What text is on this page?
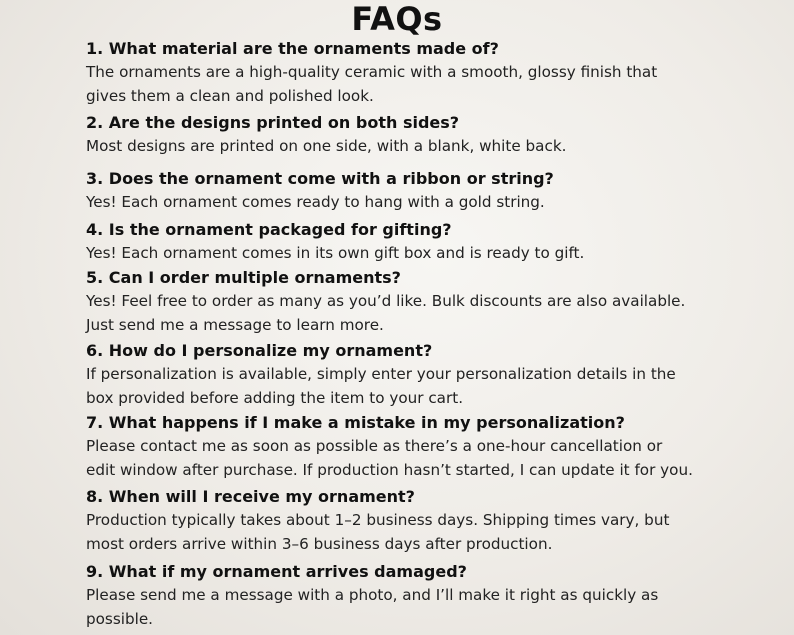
FAQs
1. What material are the ornaments made of?
The ornaments are a high-quality ceramic with a smooth, glossy finish that
gives them a clean and polished look.
2. Are the designs printed on both sides?
Most designs are printed on one side, with a blank, white back.
3. Does the ornament come with a ribbon or string?
Yes! Each ornament comes ready to hang with a gold string.
4. Is the ornament packaged for gifting?
Yes! Each ornament comes in its own gift box and is ready to gift.
5. Can I order multiple ornaments?
Yes! Feel free to order as many as you’d like. Bulk discounts are also available.
Just send me a message to learn more.
6. How do I personalize my ornament?
If personalization is available, simply enter your personalization details in the
box provided before adding the item to your cart.
7. What happens if I make a mistake in my personalization?
Please contact me as soon as possible as there’s a one-hour cancellation or
edit window after purchase. If production hasn’t started, I can update it for you.
8. When will I receive my ornament?
Production typically takes about 1–2 business days. Shipping times vary, but
most orders arrive within 3–6 business days after production.
9. What if my ornament arrives damaged?
Please send me a message with a photo, and I’ll make it right as quickly as
possible.
